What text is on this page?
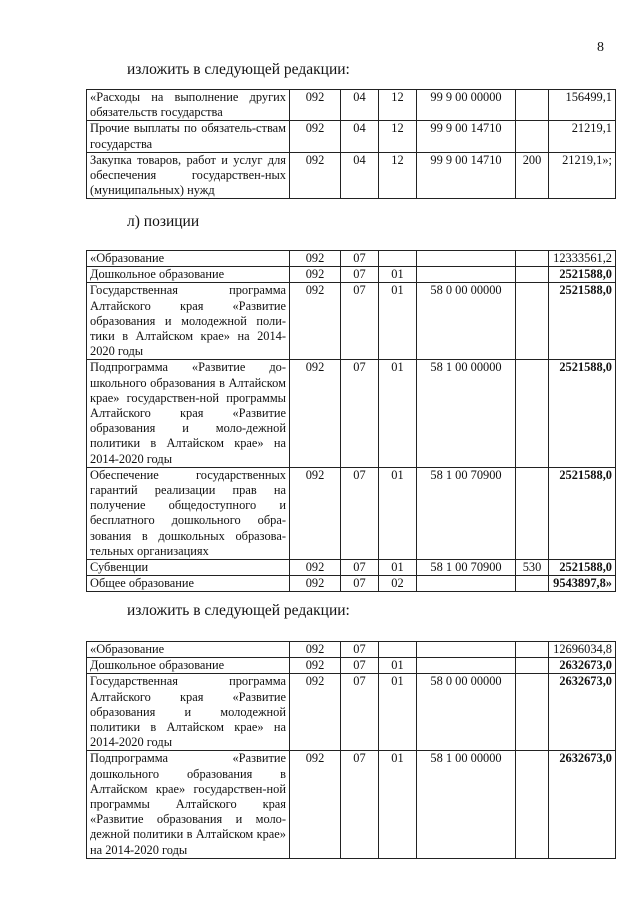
8
изложить в следующей редакции:
«Расходы на выполнение других обязательств государства	092	04	12	99 9 00 00000		156499,1
Прочие выплаты по обязатель-ствам государства	092	04	12	99 9 00 14710		21219,1
Закупка товаров, работ и услуг для обеспечения государствен-ных (муниципальных) нужд	092	04	12	99 9 00 14710	200	21219,1»;
л) позиции
«Образование	092	07				12333561,2
Дошкольное образование	092	07	01			2521588,0
Государственная программа Алтайского края «Развитие образования и молодежной поли-тики в Алтайском крае» на 2014-2020 годы	092	07	01	58 0 00 00000		2521588,0
Подпрограмма «Развитие до-школьного образования в Алтайском крае» государствен-ной программы Алтайского края «Развитие образования и моло-дежной политики в Алтайском крае» на 2014-2020 годы	092	07	01	58 1 00 00000		2521588,0
Обеспечение государственных гарантий реализации прав на получение общедоступного и бесплатного дошкольного обра-зования в дошкольных образова-тельных организациях	092	07	01	58 1 00 70900		2521588,0
Субвенции	092	07	01	58 1 00 70900	530	2521588,0
Общее образование	092	07	02			9543897,8»
изложить в следующей редакции:
«Образование	092	07				12696034,8
Дошкольное образование	092	07	01			2632673,0
Государственная программа Алтайского края «Развитие образования и молодежной политики в Алтайском крае» на 2014-2020 годы	092	07	01	58 0 00 00000		2632673,0
Подпрограмма «Развитие дошкольного образования в Алтайском крае» государствен-ной программы Алтайского края «Развитие образования и моло-дежной политики в Алтайском крае» на 2014-2020 годы	092	07	01	58 1 00 00000		2632673,0
